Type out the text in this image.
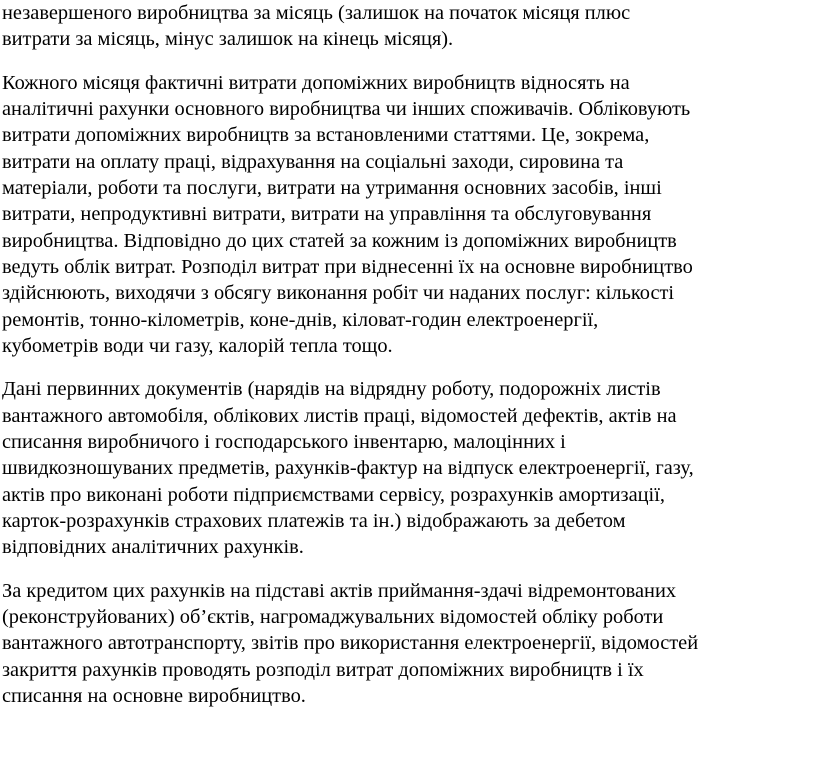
незавершеного виробництва за місяць (залишок на початок місяця плюс
витрати за місяць, мінус залишок на кінець місяця).
Кожного місяця фактичні витрати допоміжних виробництв відносять на
аналітичні рахунки основного виробництва чи інших споживачів. Обліковують
витрати допоміжних виробництв за встановленими статтями. Це, зокрема,
витрати на оплату праці, відрахування на соціальні заходи, сировина та
матеріали, роботи та послуги, витрати на утримання основних засобів, інші
витрати, непродуктивні витрати, витрати на управління та обслуговування
виробництва. Відповідно до цих статей за кожним із допоміжних виробництв
ведуть облік витрат. Розподіл витрат при віднесенні їх на основне виробництво
здійснюють, виходячи з обсягу виконання робіт чи наданих послуг: кількості
ремонтів, тонно-кілометрів, коне-днів, кіловат-годин електроенергії,
кубометрів води чи газу, калорій тепла тощо.
Дані первинних документів (нарядів на відрядну роботу, подорожніх листів
вантажного автомобіля, облікових листів праці, відомостей дефектів, актів на
списання виробничого і господарського інвентарю, малоцінних і
швидкозношуваних предметів, рахунків-фактур на відпуск електроенергії, газу,
актів про виконані роботи підприємствами сервісу, розрахунків амортизації,
карток-розрахунків страхових платежів та ін.) відображають за дебетом
відповідних аналітичних рахунків.
За кредитом цих рахунків на підставі актів приймання-здачі відремонтованих
(реконструйованих) об’єктів, нагромаджувальних відомостей обліку роботи
вантажного автотранспорту, звітів про використання електроенергії, відомостей
закриття рахунків проводять розподіл витрат допоміжних виробництв і їх
списання на основне виробництво.
